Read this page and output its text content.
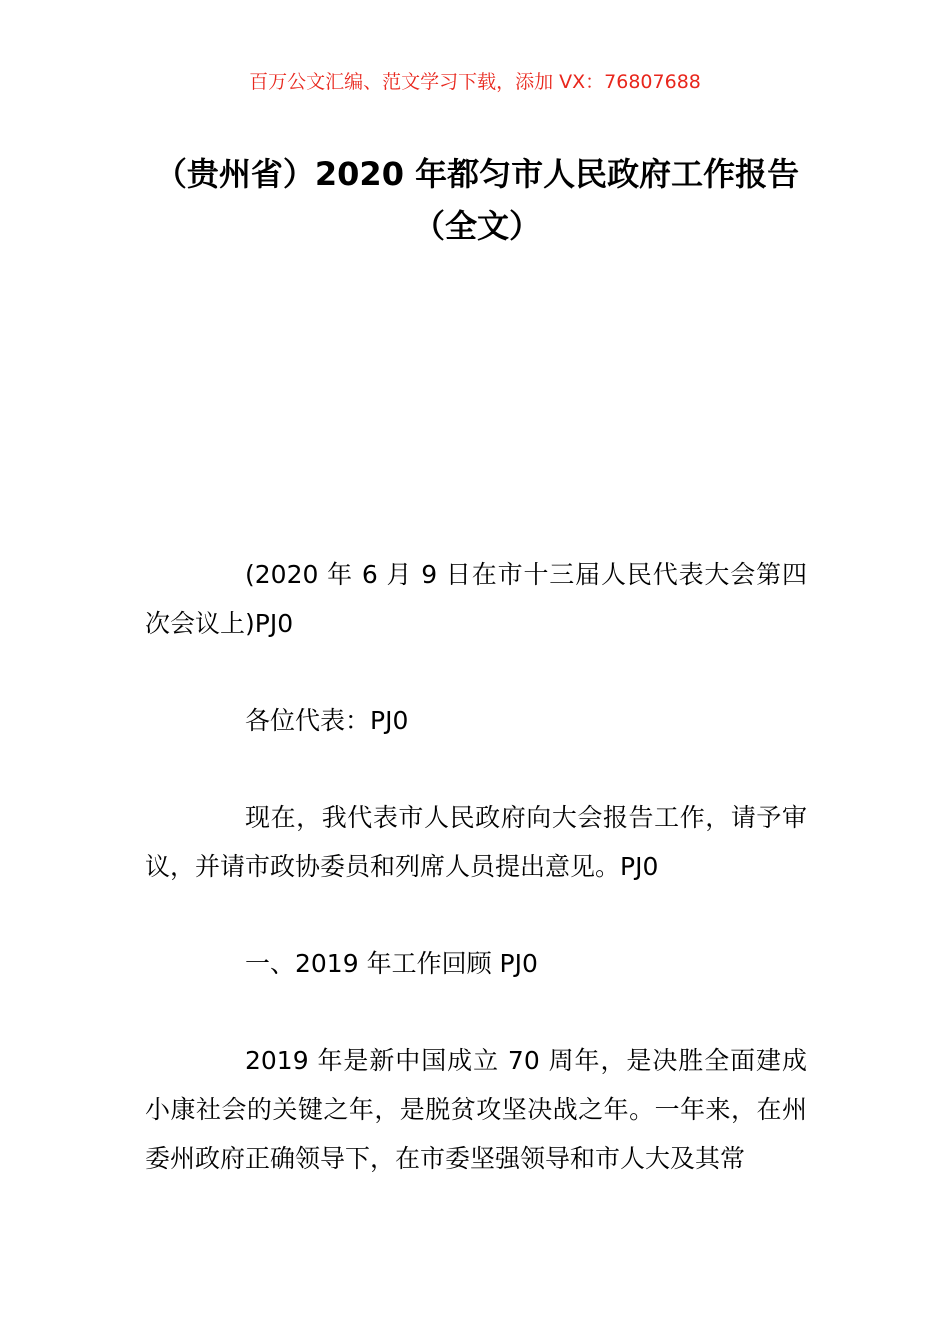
百万公文汇编、范文学习下载，添加 VX：76807688
（贵州省）2020 年都匀市人民政府工作报告（全文）

(2020 年 6 月 9 日在市十三届人民代表大会第四次会议上)PJ0

各位代表：PJ0

现在，我代表市人民政府向大会报告工作，请予审议，并请市政协委员和列席人员提出意见。PJ0

一、2019 年工作回顾 PJ0

2019 年是新中国成立 70 周年，是决胜全面建成小康社会的关键之年，是脱贫攻坚决战之年。一年来，在州委州政府正确领导下，在市委坚强领导和市人大及其常
